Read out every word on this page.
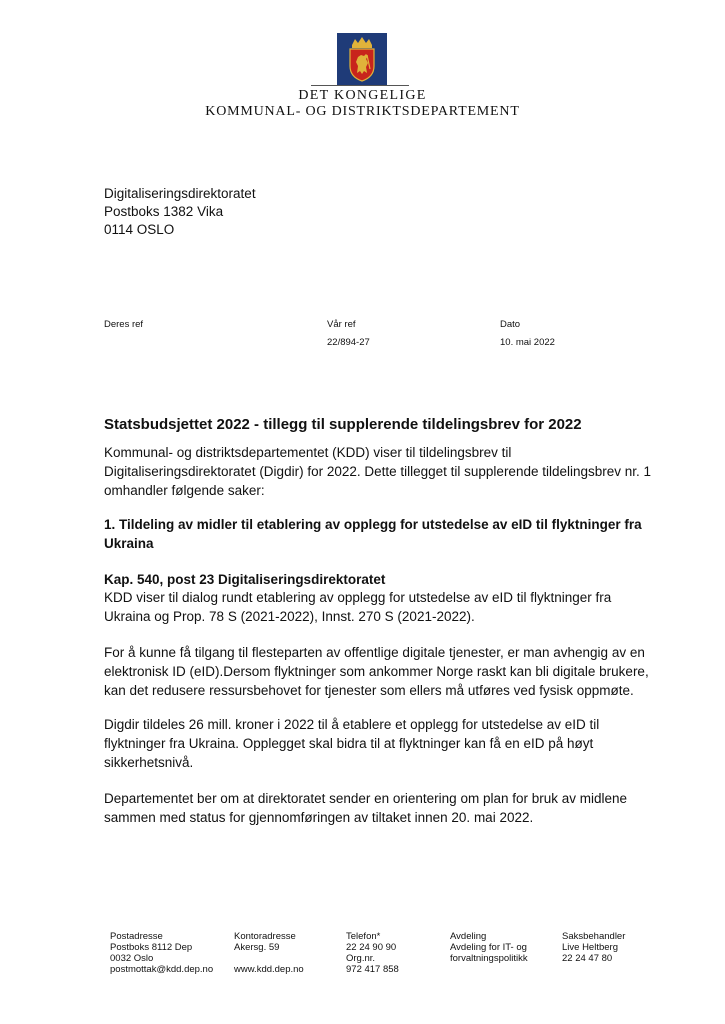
DET KONGELIGE
KOMMUNAL- OG DISTRIKTSDEPARTEMENT
Digitaliseringsdirektoratet
Postboks 1382 Vika
0114 OSLO
Deres ref	Vår ref
22/894-27
Dato
10. mai 2022
Statsbudsjettet 2022 - tillegg til supplerende tildelingsbrev for 2022
Kommunal- og distriktsdepartementet (KDD) viser til tildelingsbrev til
Digitaliseringsdirektoratet (Digdir) for 2022. Dette tillegget til supplerende tildelingsbrev nr. 1
omhandler følgende saker:
1. Tildeling av midler til etablering av opplegg for utstedelse av eID til flyktninger fra
Ukraina
Kap. 540, post 23 Digitaliseringsdirektoratet
KDD viser til dialog rundt etablering av opplegg for utstedelse av eID til flyktninger fra
Ukraina og Prop. 78 S (2021-2022), Innst. 270 S (2021-2022).
For å kunne få tilgang til flesteparten av offentlige digitale tjenester, er man avhengig av en
elektronisk ID (eID).Dersom flyktninger som ankommer Norge raskt kan bli digitale brukere,
kan det redusere ressursbehovet for tjenester som ellers må utføres ved fysisk oppmøte.
Digdir tildeles 26 mill. kroner i 2022 til å etablere et opplegg for utstedelse av eID til
flyktninger fra Ukraina. Opplegget skal bidra til at flyktninger kan få en eID på høyt
sikkerhetsnivå.
Departementet ber om at direktoratet sender en orientering om plan for bruk av midlene
sammen med status for gjennomføringen av tiltaket innen 20. mai 2022.
Postadresse
Postboks 8112 Dep
0032 Oslo
postmottak@kdd.dep.no
Kontoradresse
Akersg. 59

www.kdd.dep.no
Telefon*
22 24 90 90
Org.nr.
972 417 858
Avdeling
Avdeling for IT- og
forvaltningspolitikk
Saksbehandler
Live Heltberg
22 24 47 80
